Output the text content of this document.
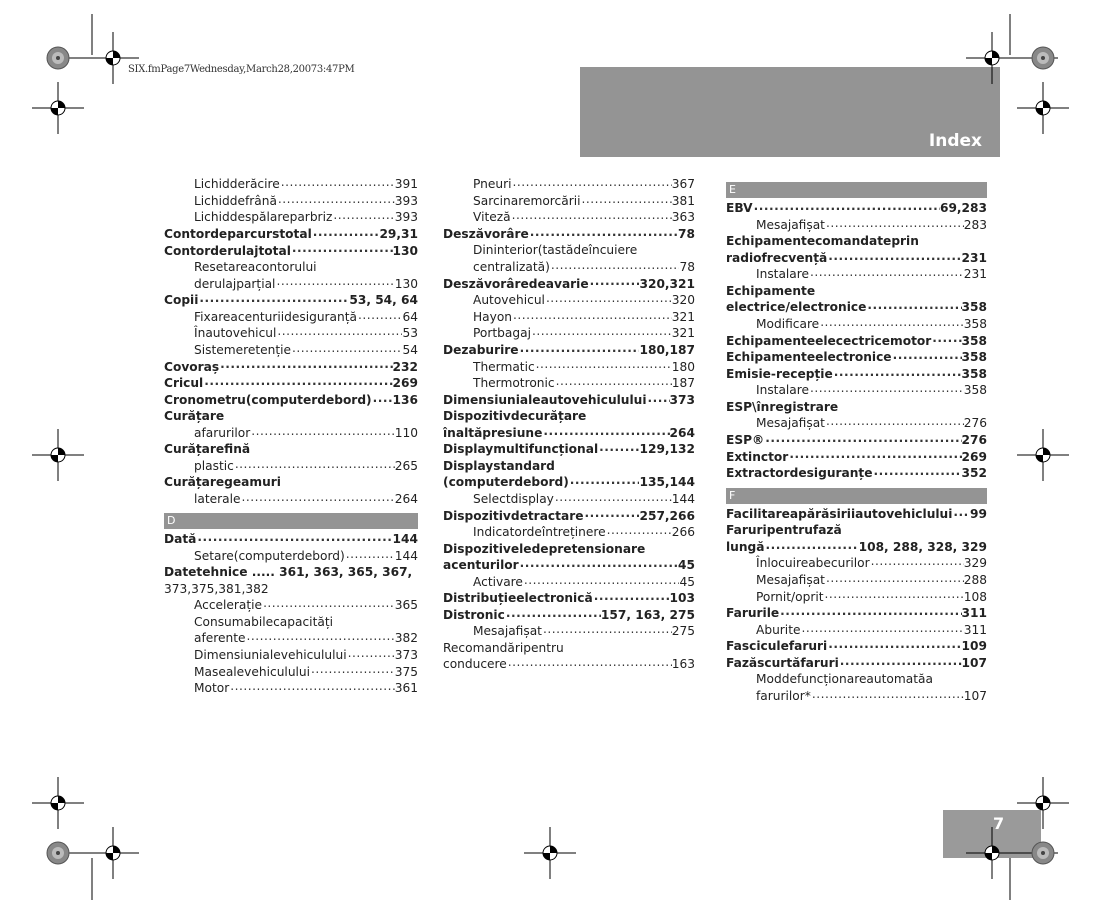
SIX.fmPage7Wednesday,March28,20073:47PM
Index
Lichidderăcire .....	391
Lichiddefrână .....	393
Lichiddespălareparbriz .....	393
Contordeparcurstotal .....	29,31
Contorderulajtotal .....	130
Resetareacontorului
derulajparțial .....	130
Copii .....	53, 54, 64
Fixareacenturiidesiguranță .....	64
Înautovehicul .....	53
Sistemeretenție .....	54
Covoraș .....	232
Cricul .....	269
Cronometru(computerdebord) ..... 136
Curățare
afarurilor .....	110
Curățarefină
plastic .....	265
Curățaregeamuri
laterale .....	264
D
Dată .....	144
Setare(computerdebord) .....	144
Datetehnice ..... 361, 363, 365, 367,
373,375,381,382
Accelerație .....	365
Consumabilecapacități
aferente .....	382
Dimensiunialevehiculului .....	373
Masealevehiculului .....	375
Motor .....	361
Pneuri .....	367
Sarcinaremorcării .....	381
Viteză .....	363
Deszăvorâre .....	78
Dininterior(tastădeîncuiere
centralizată) .....	78
Deszăvorâredeavarie .....	320,321
Autovehicul .....	320
Hayon .....	321
Portbagaj .....	321
Dezaburire .....	180,187
Thermatic .....	180
Thermotronic .....	187
Dimensiunialeautovehiculului ..... 373
Dispozitivdecurățare
înaltăpresiune .....	264
Displaymultifuncțional .....	129,132
Displaystandard
(computerdebord) .....	135,144
Selectdisplay .....	144
Dispozitivdetractare .....	257,266
Indicatordeîntreținere .....	266
Dispozitiveledepretensionare
acenturilor .....	45
Activare .....	45
Distribuțieelectronică .....	103
Distronic .....	157, 163, 275
Mesajafișat .....	275
Recomandăripentru
conducere .....	163
E
EBV .....	69,283
Mesajafișat .....	283
Echipamentecomandateprin
radiofrecvență .....	231
Instalare .....	231
Echipamente
electrice/electronice .....	358
Modificare .....	358
Echipamenteelecectricemotor ..... 358
Echipamenteelectronice .....	358
Emisie-recepție .....	358
Instalare .....	358
ESP\înregistrare
Mesajafișat .....	276
ESP® .....	276
Extinctor .....	269
Extractordesiguranțe .....	352
F
Facilitareapărăsiriiautovehiclului ..... 99
Faruripentrufază
lungă .....	108, 288, 328, 329
Înlocuireabecurilor .....	329
Mesajafișat .....	288
Pornit/oprit .....	108
Farurile .....	311
Aburite .....	311
Fasciculefaruri .....	109
Fazăscurtăfaruri .....	107
Moddefuncționareautomatăa
farurilor* .....	107
7
